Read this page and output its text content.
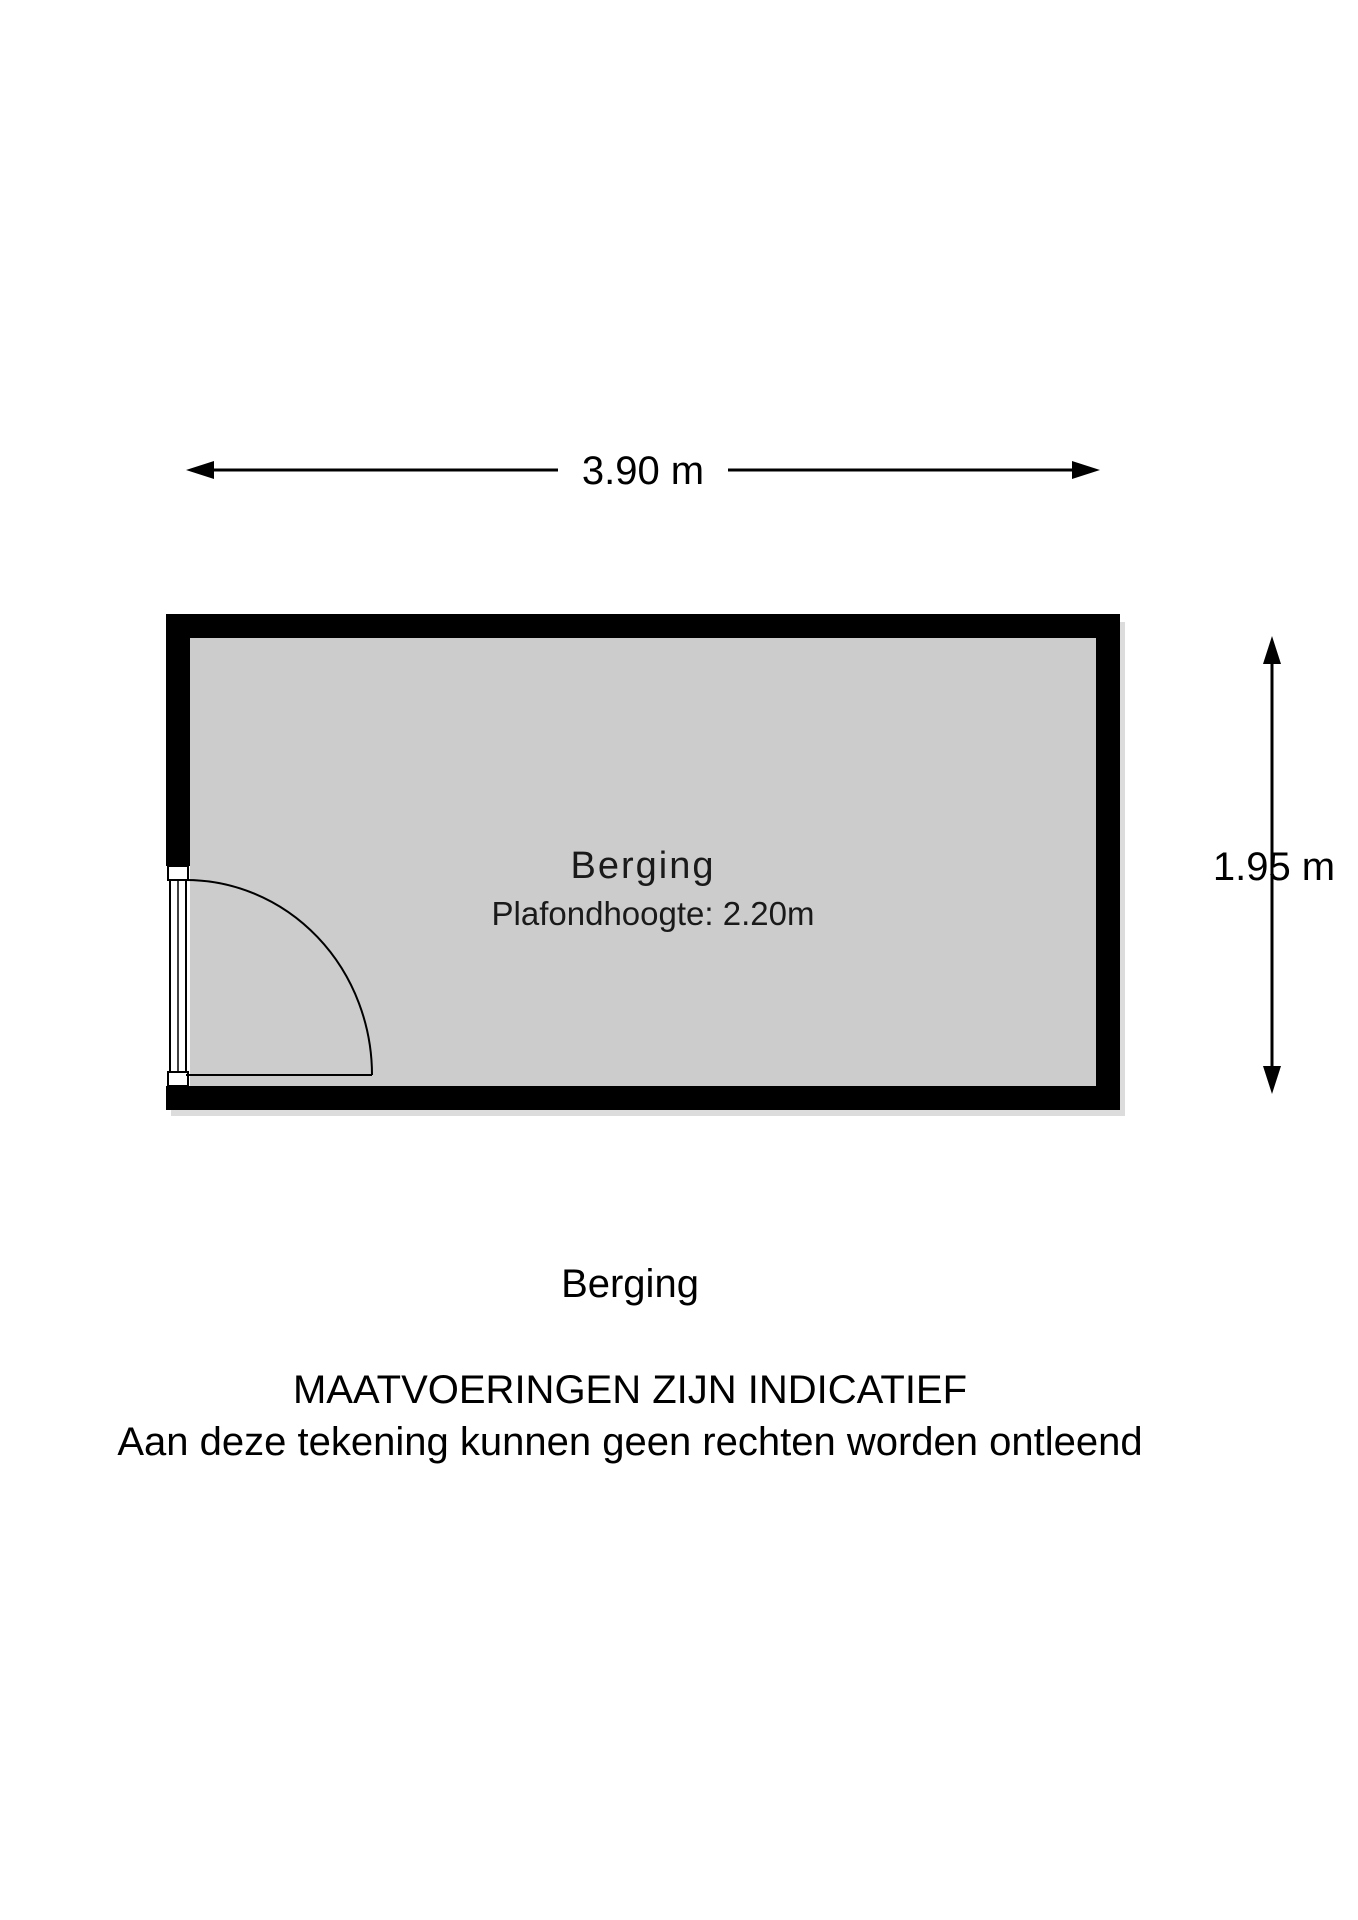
3.90 m
1.95 m
Berging
Plafondhoogte: 2.20m

Berging

MAATVOERINGEN ZIJN INDICATIEF

Aan deze tekening kunnen geen rechten worden ontleend
